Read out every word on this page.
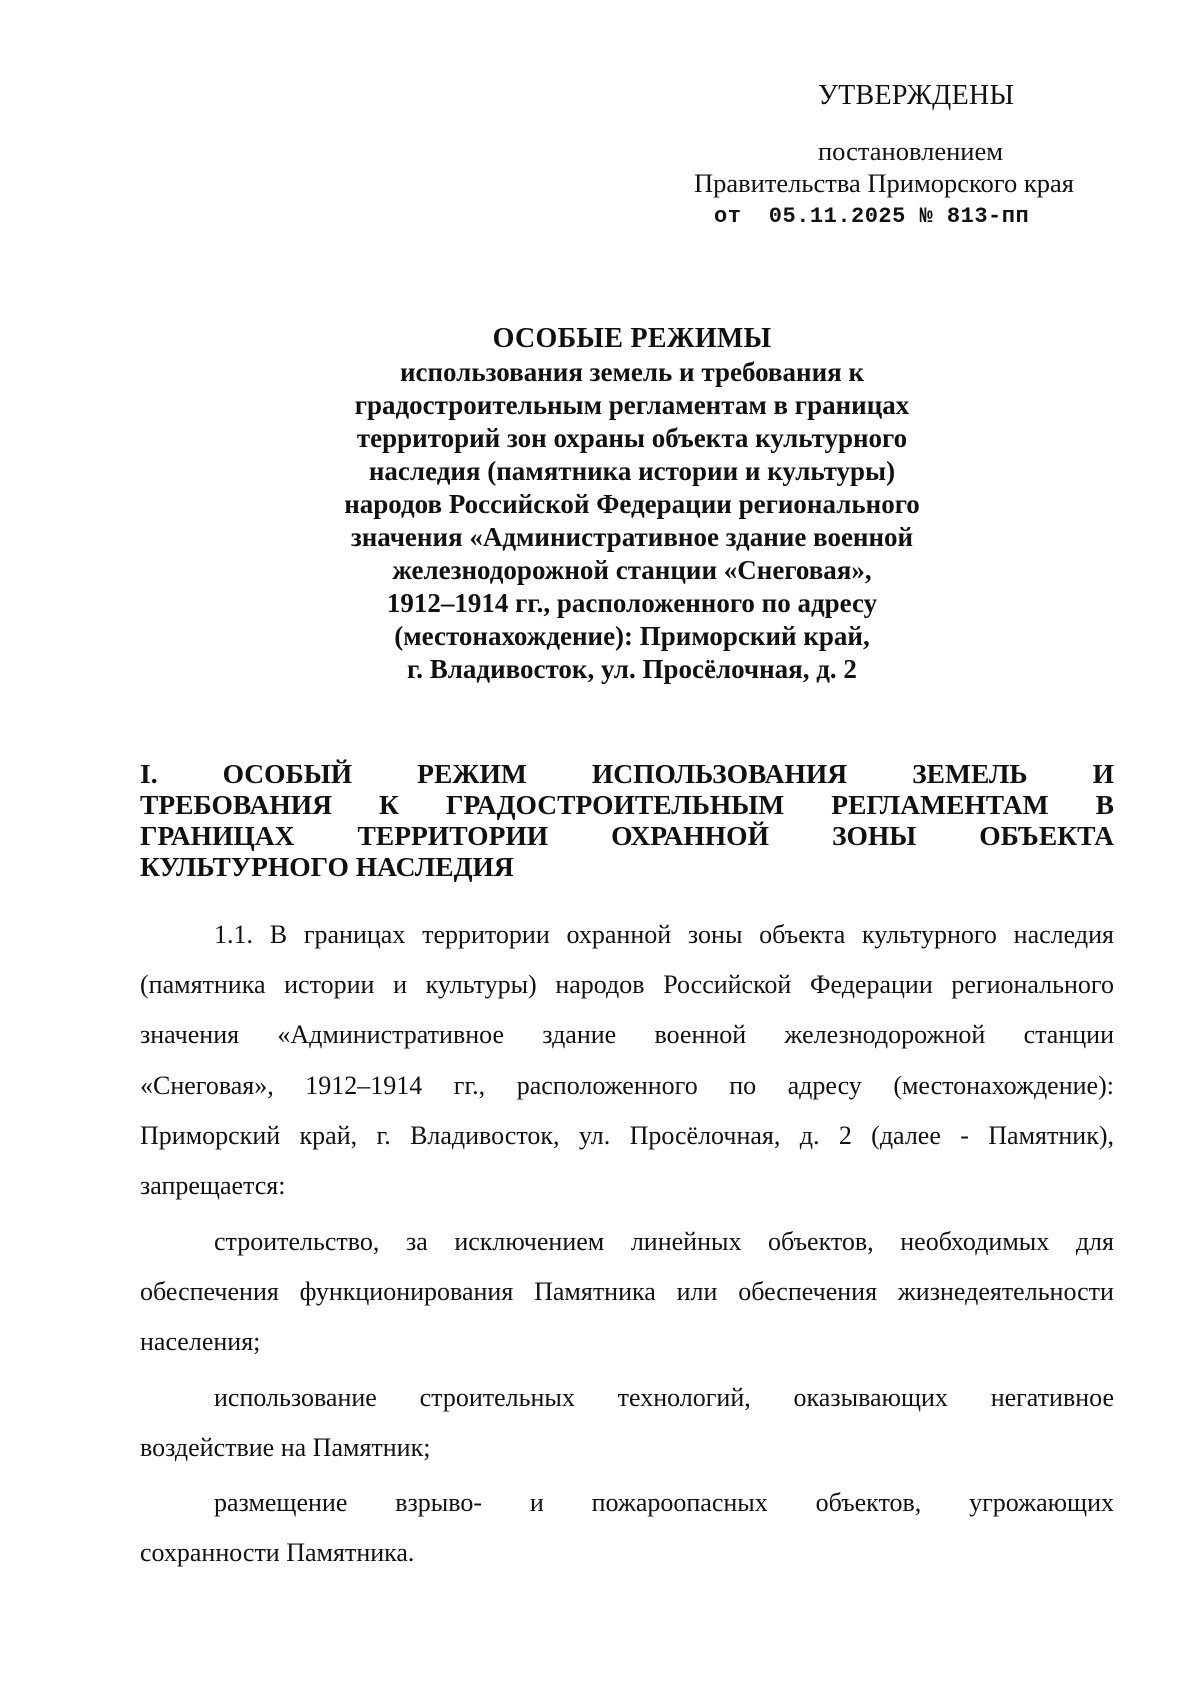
УТВЕРЖДЕНЫ
постановлением
Правительства Приморского края
от  05.11.2025 № 813-пп
ОСОБЫЕ РЕЖИМЫ
использования земель и требования к
градостроительным регламентам в границах
территорий зон охраны объекта культурного
наследия (памятника истории и культуры)
народов Российской Федерации регионального
значения «Административное здание военной
железнодорожной станции «Снеговая»,
1912–1914 гг., расположенного по адресу
(местонахождение): Приморский край,
г. Владивосток, ул. Просёлочная, д. 2
I. ОСОБЫЙ РЕЖИМ ИСПОЛЬЗОВАНИЯ ЗЕМЕЛЬ И
ТРЕБОВАНИЯ К ГРАДОСТРОИТЕЛЬНЫМ РЕГЛАМЕНТАМ В
ГРАНИЦАХ ТЕРРИТОРИИ ОХРАННОЙ ЗОНЫ ОБЪЕКТА
КУЛЬТУРНОГО НАСЛЕДИЯ
1.1. В границах территории охранной зоны объекта культурного наследия
(памятника истории и культуры) народов Российской Федерации регионального
значения «Административное здание военной железнодорожной станции
«Снеговая», 1912–1914 гг., расположенного по адресу (местонахождение):
Приморский край, г. Владивосток, ул. Просёлочная, д. 2 (далее - Памятник),
запрещается:
строительство, за исключением линейных объектов, необходимых для
обеспечения функционирования Памятника или обеспечения жизнедеятельности
населения;
использование строительных технологий, оказывающих негативное
воздействие на Памятник;
размещение взрыво- и пожароопасных объектов, угрожающих
сохранности Памятника.
